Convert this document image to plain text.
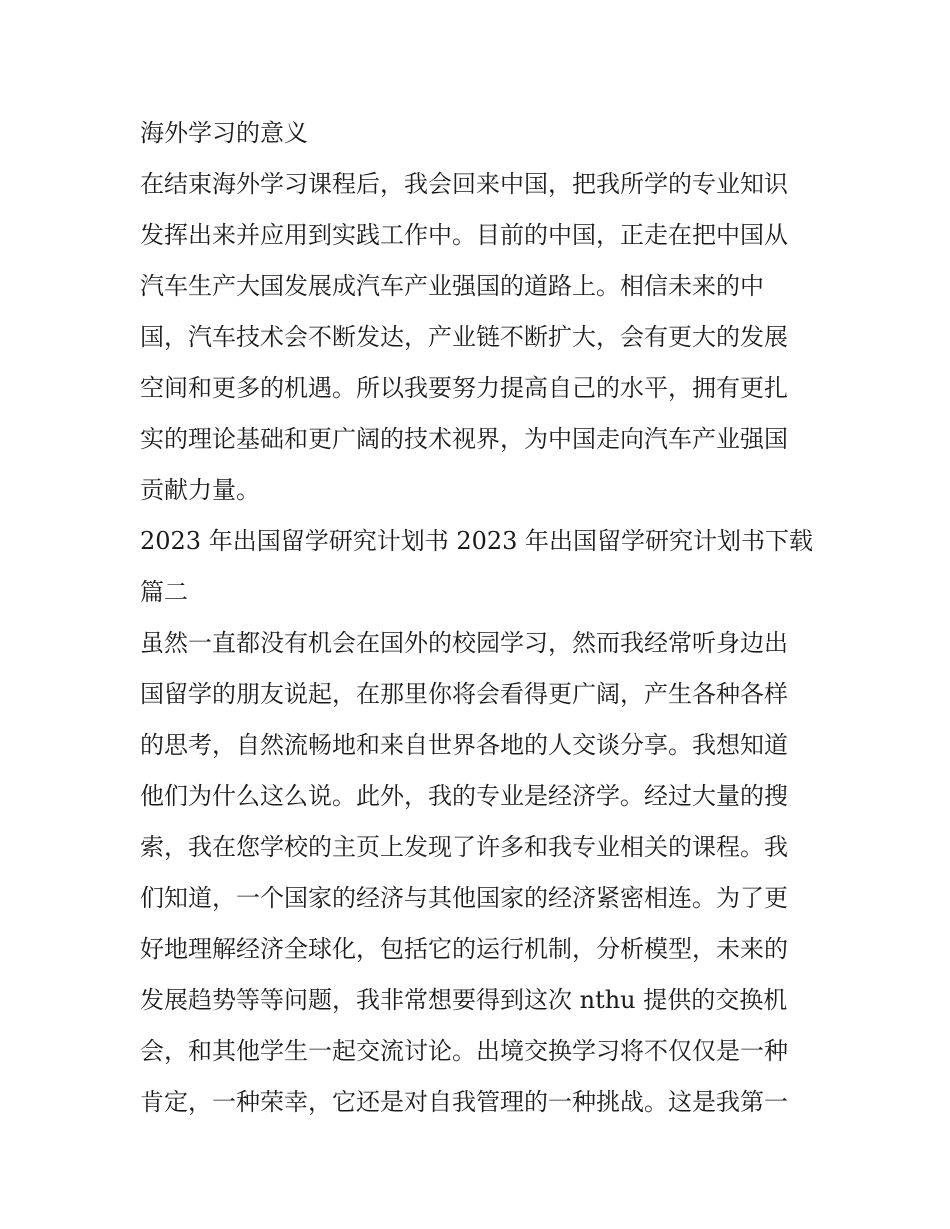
海外学习的意义
在结束海外学习课程后，我会回来中国，把我所学的专业知识
发挥出来并应用到实践工作中。目前的中国，正走在把中国从
汽车生产大国发展成汽车产业强国的道路上。相信未来的中
国，汽车技术会不断发达，产业链不断扩大，会有更大的发展
空间和更多的机遇。所以我要努力提高自己的水平，拥有更扎
实的理论基础和更广阔的技术视界，为中国走向汽车产业强国
贡献力量。
2023 年出国留学研究计划书 2023 年出国留学研究计划书下载
篇二
虽然一直都没有机会在国外的校园学习，然而我经常听身边出
国留学的朋友说起，在那里你将会看得更广阔，产生各种各样
的思考，自然流畅地和来自世界各地的人交谈分享。我想知道
他们为什么这么说。此外，我的专业是经济学。经过大量的搜
索，我在您学校的主页上发现了许多和我专业相关的课程。我
们知道，一个国家的经济与其他国家的经济紧密相连。为了更
好地理解经济全球化，包括它的运行机制，分析模型，未来的
发展趋势等等问题，我非常想要得到这次 nthu 提供的交换机
会，和其他学生一起交流讨论。出境交换学习将不仅仅是一种
肯定，一种荣幸，它还是对自我管理的一种挑战。这是我第一
